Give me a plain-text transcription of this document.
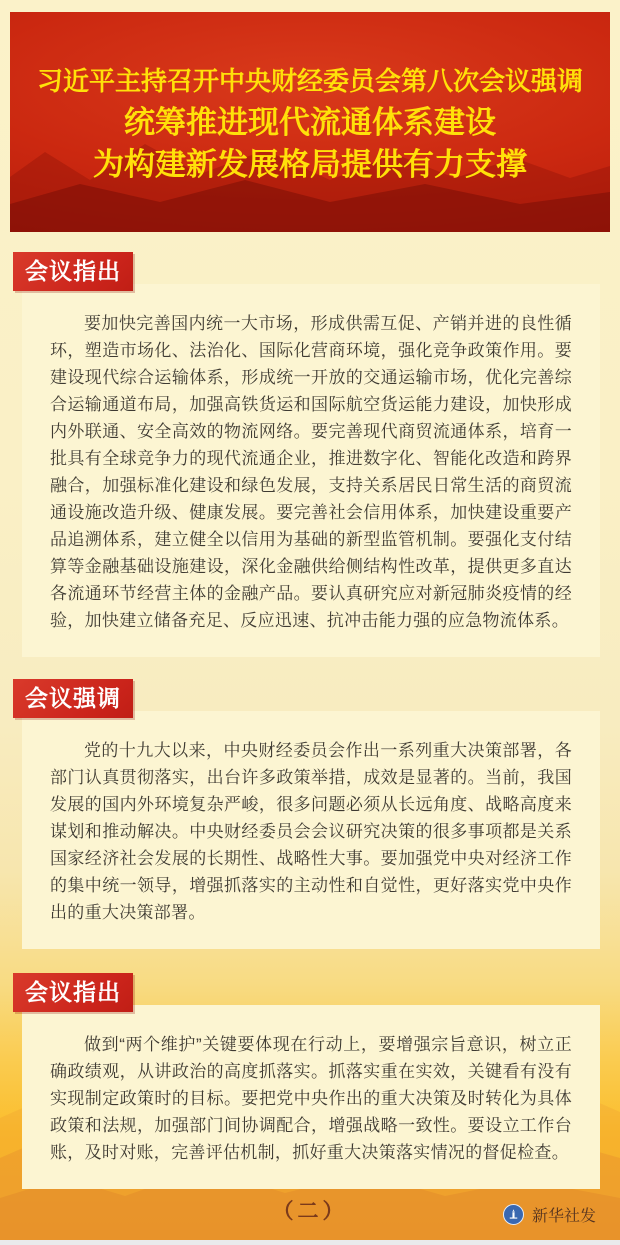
习近平主持召开中央财经委员会第八次会议强调
统筹推进现代流通体系建设
为构建新发展格局提供有力支撑
会议指出

要加快完善国内统一大市场，形成供需互促、产销并进的良性循环，塑造市场化、法治化、国际化营商环境，强化竞争政策作用。要建设现代综合运输体系，形成统一开放的交通运输市场，优化完善综合运输通道布局，加强高铁货运和国际航空货运能力建设，加快形成内外联通、安全高效的物流网络。要完善现代商贸流通体系，培育一批具有全球竞争力的现代流通企业，推进数字化、智能化改造和跨界融合，加强标准化建设和绿色发展，支持关系居民日常生活的商贸流通设施改造升级、健康发展。要完善社会信用体系，加快建设重要产品追溯体系，建立健全以信用为基础的新型监管机制。要强化支付结算等金融基础设施建设，深化金融供给侧结构性改革，提供更多直达各流通环节经营主体的金融产品。要认真研究应对新冠肺炎疫情的经验，加快建立储备充足、反应迅速、抗冲击能力强的应急物流体系。

会议强调

党的十九大以来，中央财经委员会作出一系列重大决策部署，各部门认真贯彻落实，出台许多政策举措，成效是显著的。当前，我国发展的国内外环境复杂严峻，很多问题必须从长远角度、战略高度来谋划和推动解决。中央财经委员会会议研究决策的很多事项都是关系国家经济社会发展的长期性、战略性大事。要加强党中央对经济工作的集中统一领导，增强抓落实的主动性和自觉性，更好落实党中央作出的重大决策部署。

会议指出

做到“两个维护”关键要体现在行动上，要增强宗旨意识，树立正确政绩观，从讲政治的高度抓落实。抓落实重在实效，关键看有没有实现制定政策时的目标。要把党中央作出的重大决策及时转化为具体政策和法规，加强部门间协调配合，增强战略一致性。要设立工作台账，及时对账，完善评估机制，抓好重大决策落实情况的督促检查。

（二）	新华社发
